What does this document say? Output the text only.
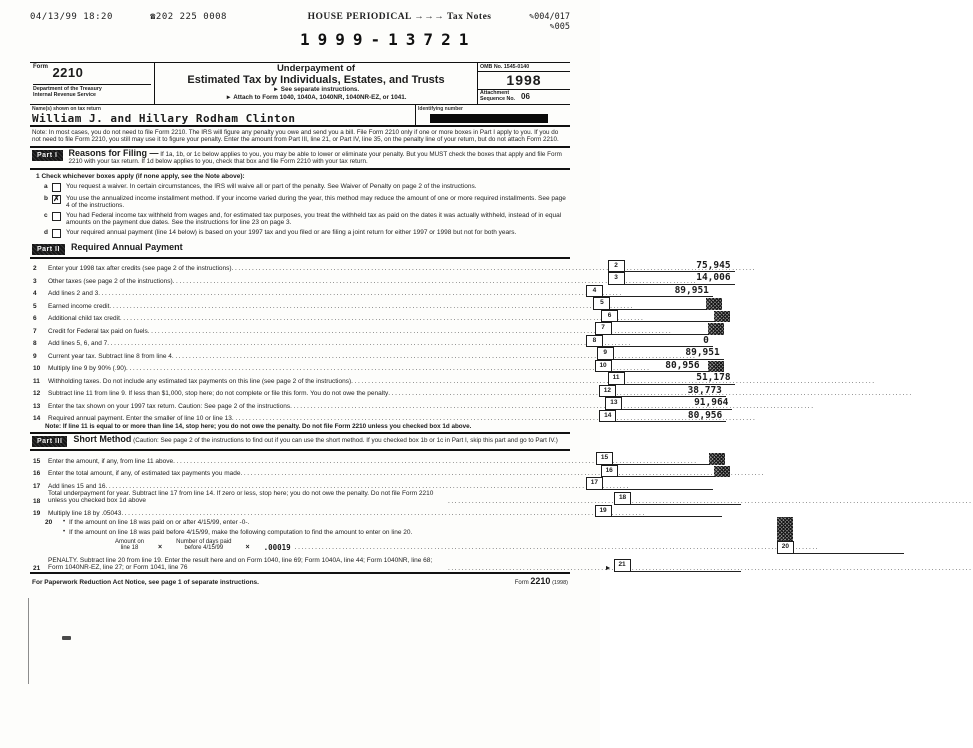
04/13/99 18:20	☎202 225 0008	HOUSE PERIODICAL →→→ Tax Notes	✎004/017
✎005
1999-13721
$^{Form}$ 2210
Department of the Treasury
Internal Revenue Service
Underpayment of
Estimated Tax by Individuals, Estates, and Trusts
► See separate instructions.
► Attach to Form 1040, 1040A, 1040NR, 1040NR-EZ, or 1041.
OMB No. 1545-0140
1998
Attachment
Sequence No. 06
Name(s) shown on tax return
William J. and Hillary Rodham Clinton
Identifying number
Note: In most cases, you do not need to file Form 2210. The IRS will figure any penalty you owe and send you a bill. File Form 2210 only if one or more boxes in Part I apply to you. If you do not need to file Form 2210, you still may use it to figure your penalty. Enter the amount from Part III, line 21, or Part IV, line 35, on the penalty line of your return, but do not attach Form 2210.
Part I	Reasons for Filing — If 1a, 1b, or 1c below applies to you, you may be able to lower or eliminate your penalty. But you MUST check the boxes that apply and file Form 2210 with your tax return. If 1d below applies to you, check that box and file Form 2210 with your tax return.
1 Check whichever boxes apply (if none apply, see the Note above):
a	You request a waiver. In certain circumstances, the IRS will waive all or part of the penalty. See Waiver of Penalty on page 2 of the instructions.
b ✗ You use the annualized income installment method. If your income varied during the year, this method may reduce the amount of one or more required installments. See page 4 of the instructions.
c	You had Federal income tax withheld from wages and, for estimated tax purposes, you treat the withheld tax as paid on the dates it was actually withheld, instead of in equal amounts on the payment due dates. See the instructions for line 23 on page 3.
d	Your required annual payment (line 14 below) is based on your 1997 tax and you filed or are filing a joint return for either 1997 or 1998 but not for both years.
Part II	Required Annual Payment
2	Enter your 1998 tax after credits (see page 2 of the instructions) .....	2	75,945
3	Other taxes (see page 2 of the instructions) .....	3	14,006
4	Add lines 2 and 3 .....	4	89,951
5	Earned income credit .....	5
6	Additional child tax credit .....	6
7	Credit for Federal tax paid on fuels .....	7
8	Add lines 5, 6, and 7 .....	8	0
9	Current year tax. Subtract line 8 from line 4 .....	9	89,951
10	Multiply line 9 by 90% (.90) .....	10	80,956
11	Withholding taxes. Do not include any estimated tax payments on this line (see page 2 of the instructions) .....	11	51,178
12	Subtract line 11 from line 9. If less than $1,000, stop here; do not complete or file this form. You do not owe the penalty .....	12	38,773
13	Enter the tax shown on your 1997 tax return. Caution: See page 2 of the instructions .....	13	91,964
14	Required annual payment. Enter the smaller of line 10 or line 13 .....	14	80,956
Note: If line 11 is equal to or more than line 14, stop here; you do not owe the penalty. Do not file Form 2210 unless you checked box 1d above.
Part III	Short Method (Caution: See page 2 of the instructions to find out if you can use the short method. If you checked box 1b or 1c in Part I, skip this part and go to Part IV.)
15	Enter the amount, if any, from line 11 above .....	15
16	Enter the total amount, if any, of estimated tax payments you made .....	16
17	Add lines 15 and 16 .....	17
18
Total underpayment for year. Subtract line 17 from line 14. If zero or less, stop here; you do not owe the penalty. Do not file Form 2210 unless you checked box 1d above .....	18
19	Multiply line 18 by .05043 .....	19
20	• If the amount on line 18 was paid on or after 4/15/99, enter -0-.
• If the amount on line 18 was paid before 4/15/99, make the following computation to find the amount to enter on line 20.
Amount on
line 18	×
Number of days paid
before 4/15/99	× .00019 .....	20
21
PENALTY. Subtract line 20 from line 19. Enter the result here and on Form 1040, line 69; Form 1040A, line 44; Form 1040NR, line 68; Form 1040NR-EZ, line 27; or Form 1041, line 76 .....	►	21
For Paperwork Reduction Act Notice, see page 1 of separate instructions.	Form 2210 (1998)
